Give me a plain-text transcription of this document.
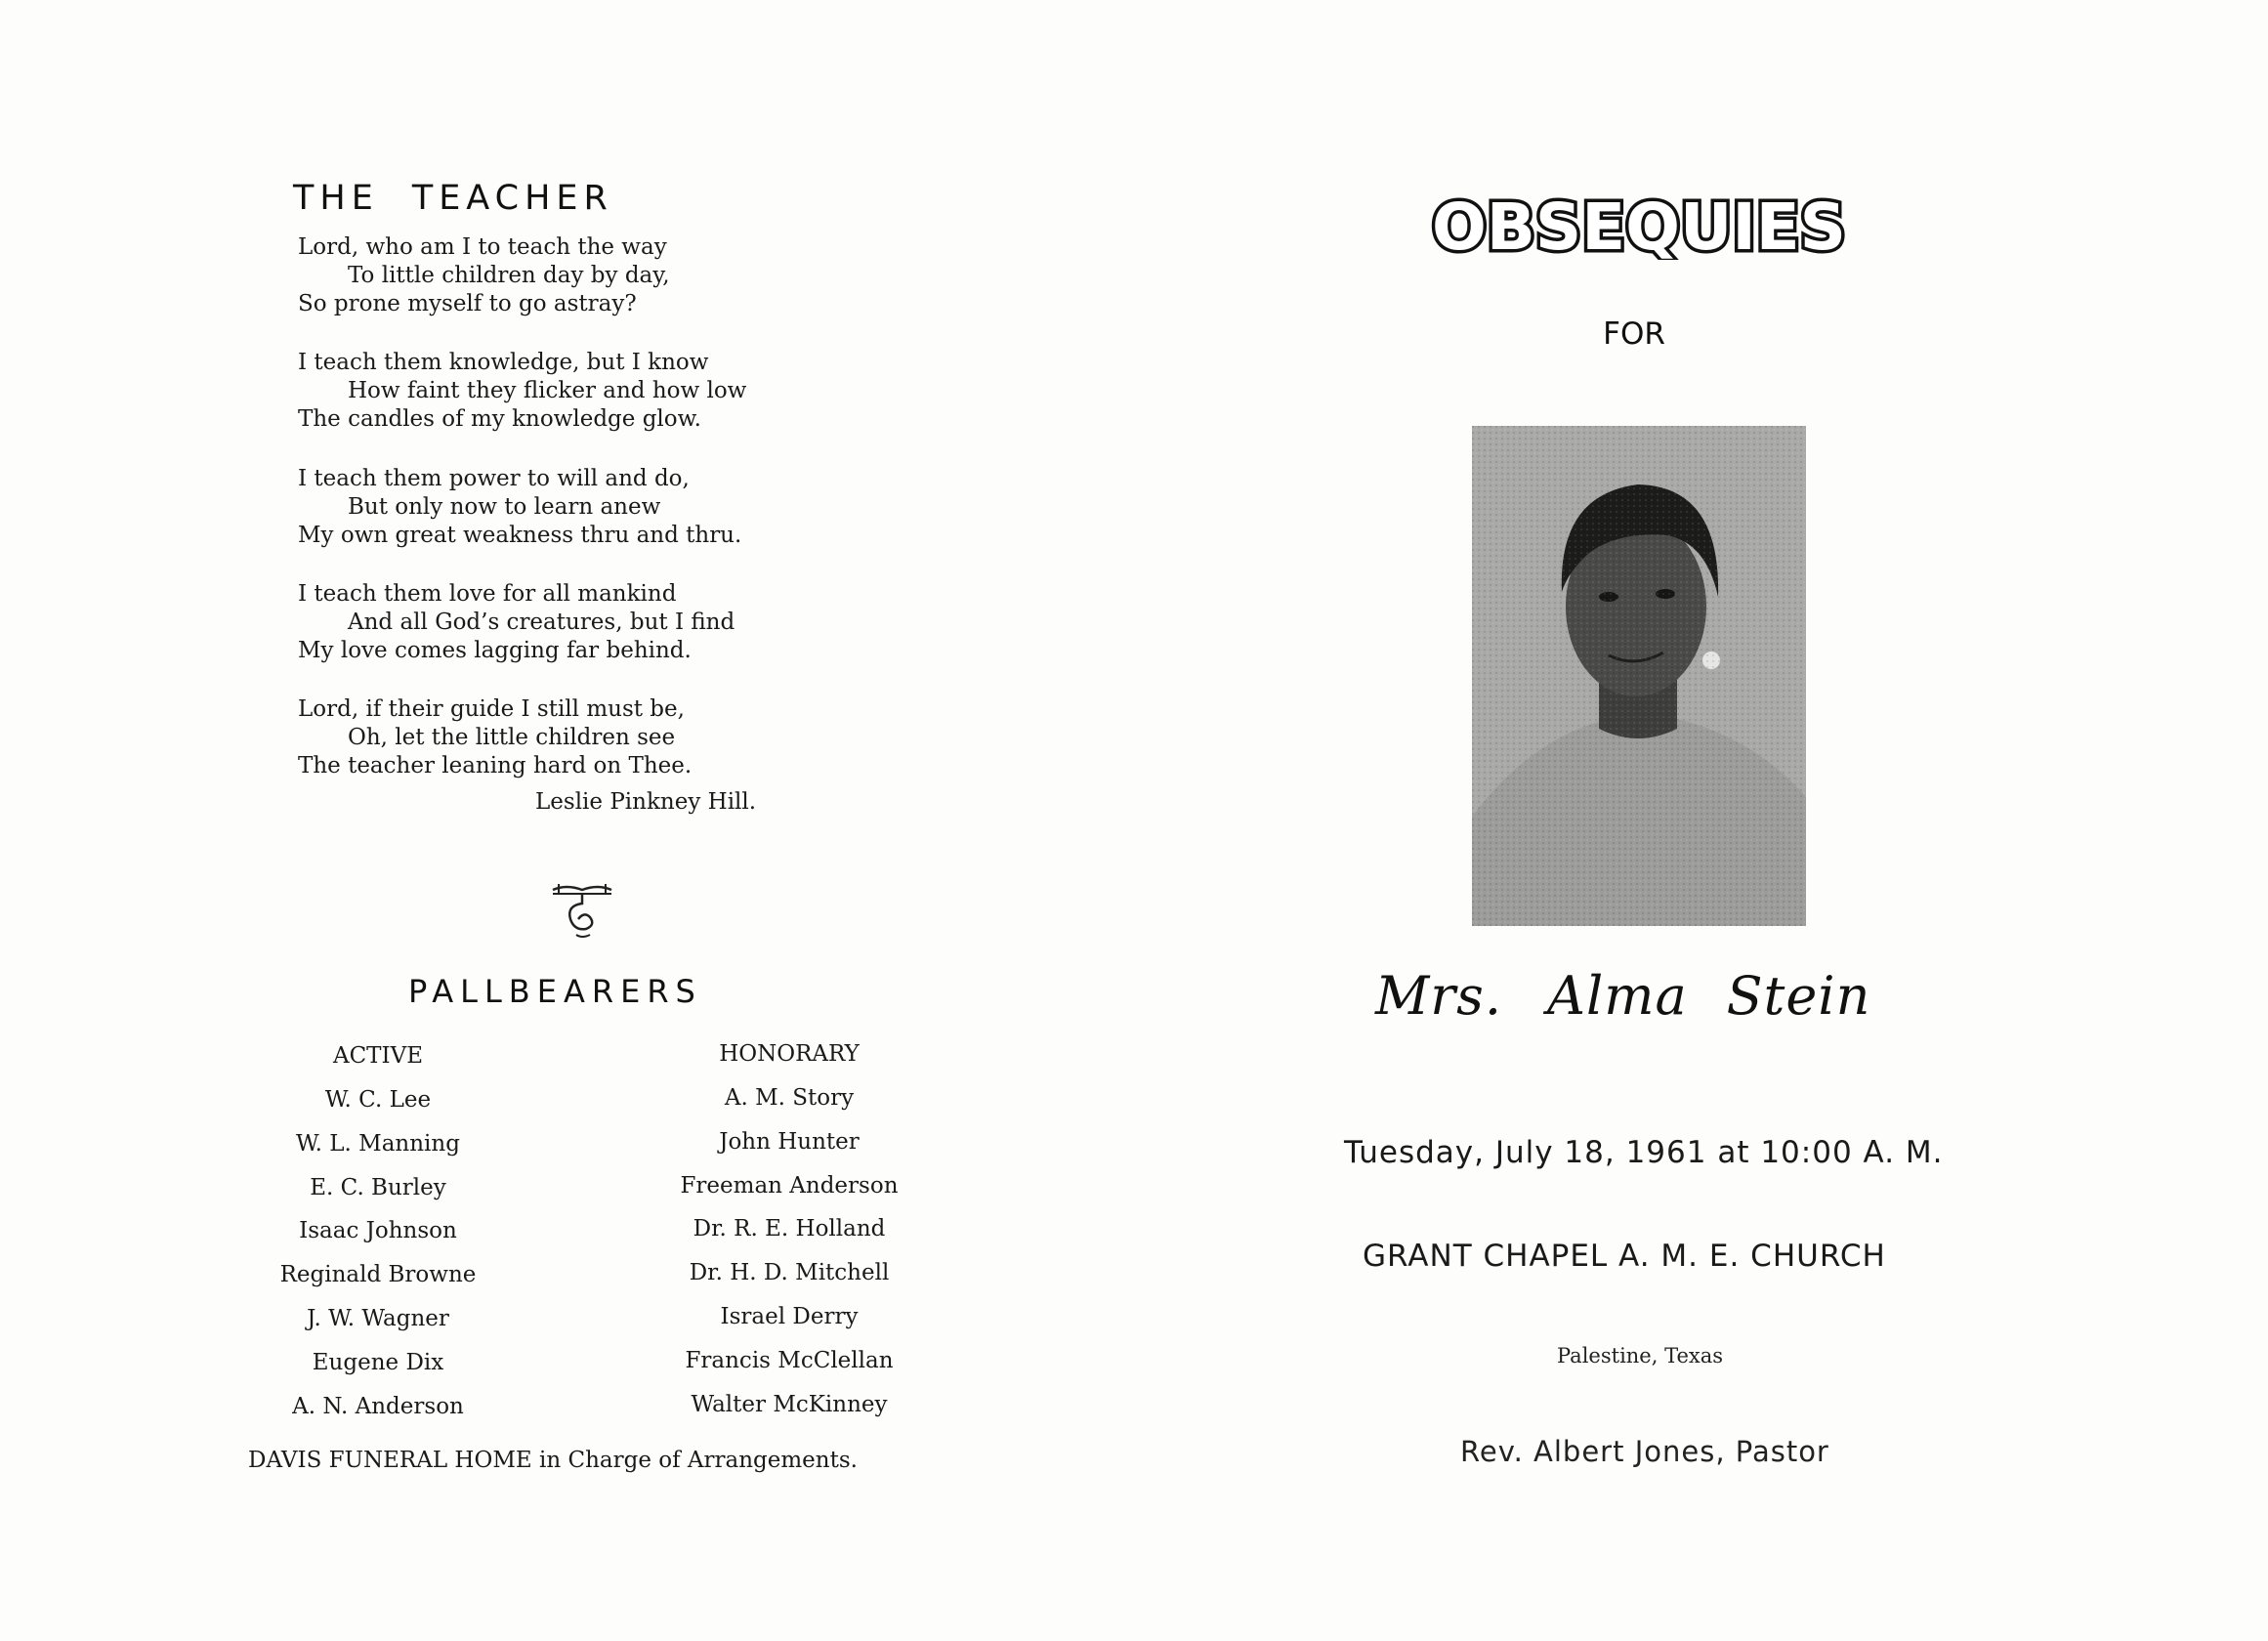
THE TEACHER
Lord, who am I to teach the way
To little children day by day,
So prone myself to go astray?
I teach them knowledge, but I know
How faint they flicker and how low
The candles of my knowledge glow.
I teach them power to will and do,
But only now to learn anew
My own great weakness thru and thru.
I teach them love for all mankind
And all God’s creatures, but I find
My love comes lagging far behind.
Lord, if their guide I still must be,
Oh, let the little children see
The teacher leaning hard on Thee.
Leslie Pinkney Hill.
PALLBEARERS
ACTIVE
W. C. Lee
W. L. Manning
E. C. Burley
Isaac Johnson
Reginald Browne
J. W. Wagner
Eugene Dix
A. N. Anderson
HONORARY
A. M. Story
John Hunter
Freeman Anderson
Dr. R. E. Holland
Dr. H. D. Mitchell
Israel Derry
Francis McClellan
Walter McKinney
DAVIS FUNERAL HOME in Charge of Arrangements.
OBSEQUIES
FOR
Mrs. Alma Stein
Tuesday, July 18, 1961 at 10:00 A. M.
GRANT CHAPEL A. M. E. CHURCH
Palestine, Texas
Rev. Albert Jones, Pastor
